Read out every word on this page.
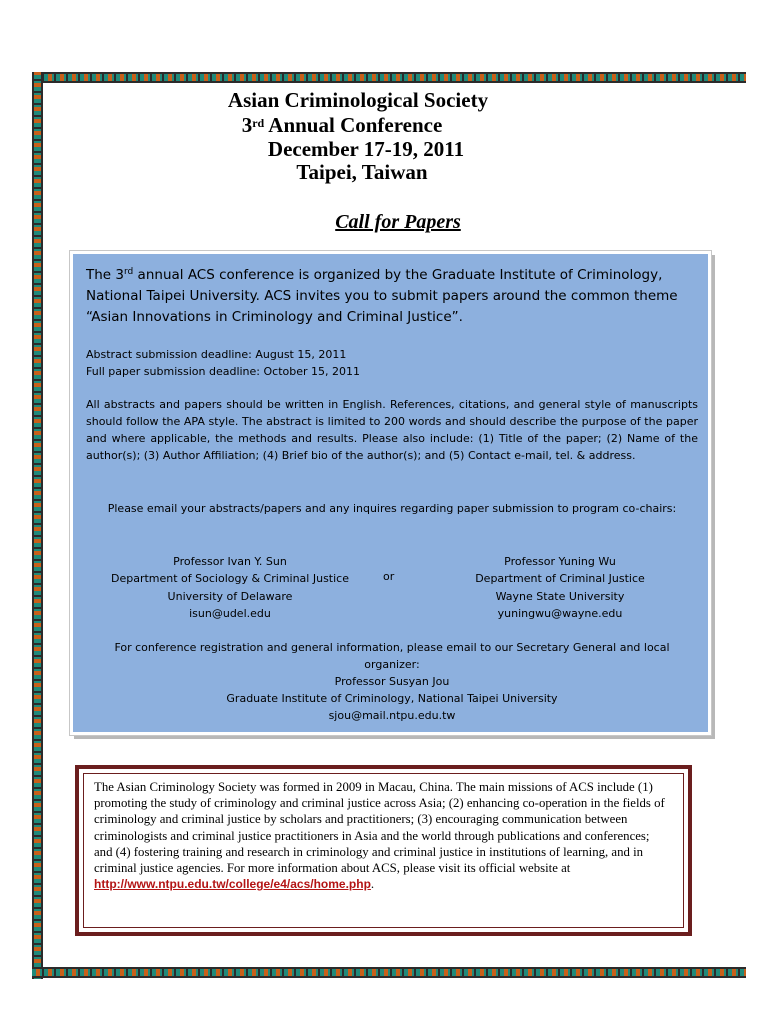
Asian Criminological Society
3rd Annual Conference
December 17-19, 2011
Taipei, Taiwan
Call for Papers
The 3rd annual ACS conference is organized by the Graduate Institute of Criminology, National Taipei University. ACS invites you to submit papers around the common theme “Asian Innovations in Criminology and Criminal Justice”.
Abstract submission deadline: August 15, 2011
Full paper submission deadline: October 15, 2011
All abstracts and papers should be written in English. References, citations, and general style of manuscripts should follow the APA style. The abstract is limited to 200 words and should describe the purpose of the paper and where applicable, the methods and results. Please also include: (1) Title of the paper; (2) Name of the author(s); (3) Author Affiliation; (4) Brief bio of the author(s); and (5) Contact e-mail, tel. & address.
Please email your abstracts/papers and any inquires regarding paper submission to program co-chairs:
Professor Ivan Y. Sun
Department of Sociology & Criminal Justice
University of Delaware
isun@udel.edu
or
Professor Yuning Wu
Department of Criminal Justice
Wayne State University
yuningwu@wayne.edu
For conference registration and general information, please email to our Secretary General and local organizer:
Professor Susyan Jou
Graduate Institute of Criminology, National Taipei University
sjou@mail.ntpu.edu.tw
The Asian Criminology Society was formed in 2009 in Macau, China. The main missions of ACS include (1) promoting the study of criminology and criminal justice across Asia; (2) enhancing co-operation in the fields of criminology and criminal justice by scholars and practitioners; (3) encouraging communication between criminologists and criminal justice practitioners in Asia and the world through publications and conferences; and (4) fostering training and research in criminology and criminal justice in institutions of learning, and in criminal justice agencies. For more information about ACS, please visit its official website at http://www.ntpu.edu.tw/college/e4/acs/home.php.
